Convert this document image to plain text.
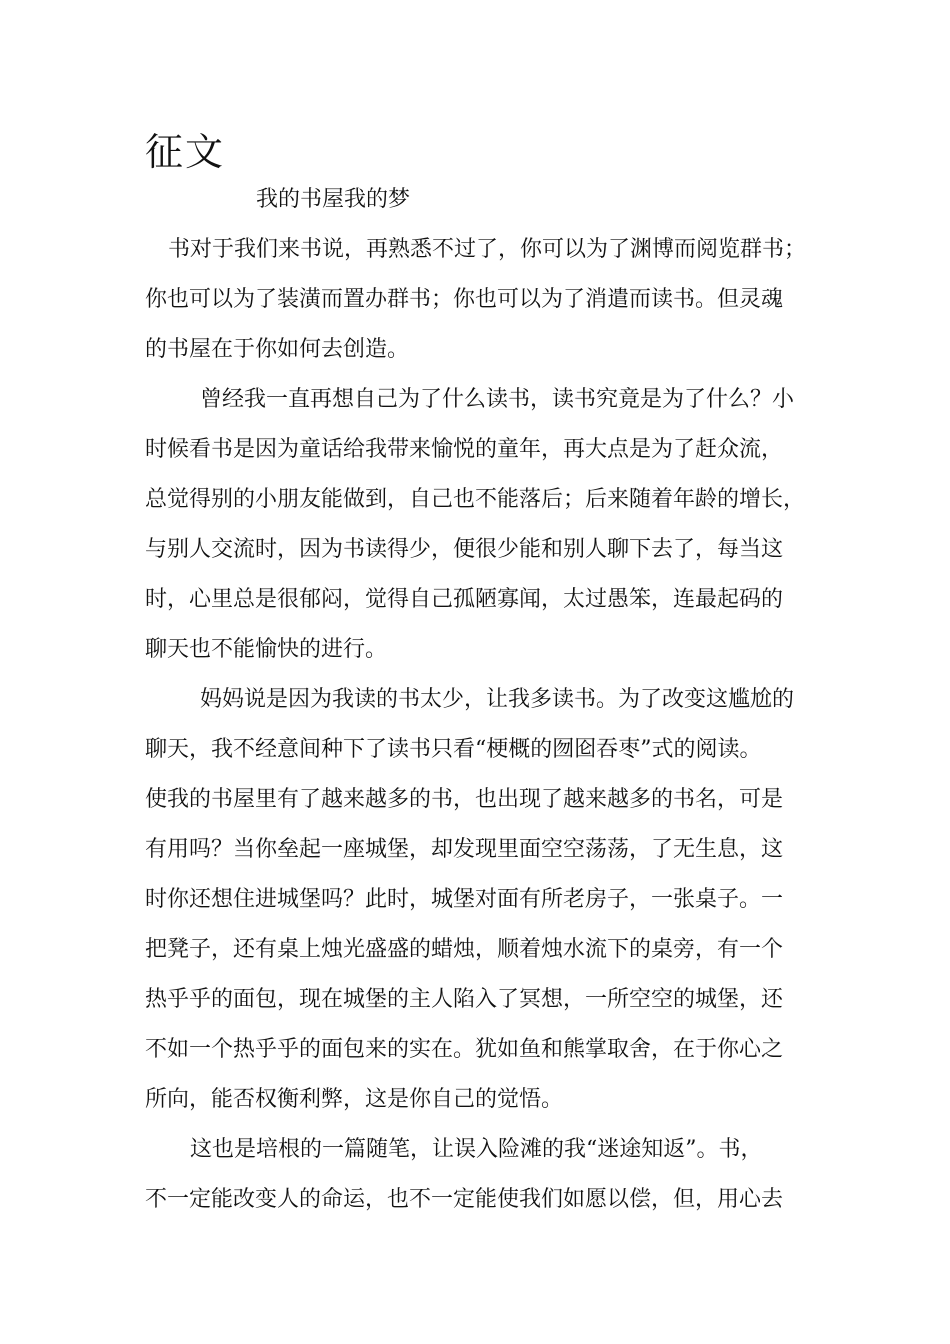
征文
我的书屋我的梦
书对于我们来书说，再熟悉不过了，你可以为了渊博而阅览群书；
你也可以为了装潢而置办群书；你也可以为了消遣而读书。但灵魂
的书屋在于你如何去创造。
曾经我一直再想自己为了什么读书，读书究竟是为了什么？小
时候看书是因为童话给我带来愉悦的童年，再大点是为了赶众流，
总觉得别的小朋友能做到，自己也不能落后；后来随着年龄的增长，
与别人交流时，因为书读得少，便很少能和别人聊下去了，每当这
时，心里总是很郁闷，觉得自己孤陋寡闻，太过愚笨，连最起码的
聊天也不能愉快的进行。
妈妈说是因为我读的书太少，让我多读书。为了改变这尴尬的
聊天，我不经意间种下了读书只看“梗概的囫囵吞枣”式的阅读。
使我的书屋里有了越来越多的书，也出现了越来越多的书名，可是
有用吗？当你垒起一座城堡，却发现里面空空荡荡，了无生息，这
时你还想住进城堡吗？此时，城堡对面有所老房子，一张桌子。一
把凳子，还有桌上烛光盛盛的蜡烛，顺着烛水流下的桌旁，有一个
热乎乎的面包，现在城堡的主人陷入了冥想，一所空空的城堡，还
不如一个热乎乎的面包来的实在。犹如鱼和熊掌取舍，在于你心之
所向，能否权衡利弊，这是你自己的觉悟。
这也是培根的一篇随笔，让误入险滩的我“迷途知返”。书，
不一定能改变人的命运，也不一定能使我们如愿以偿，但，用心去
